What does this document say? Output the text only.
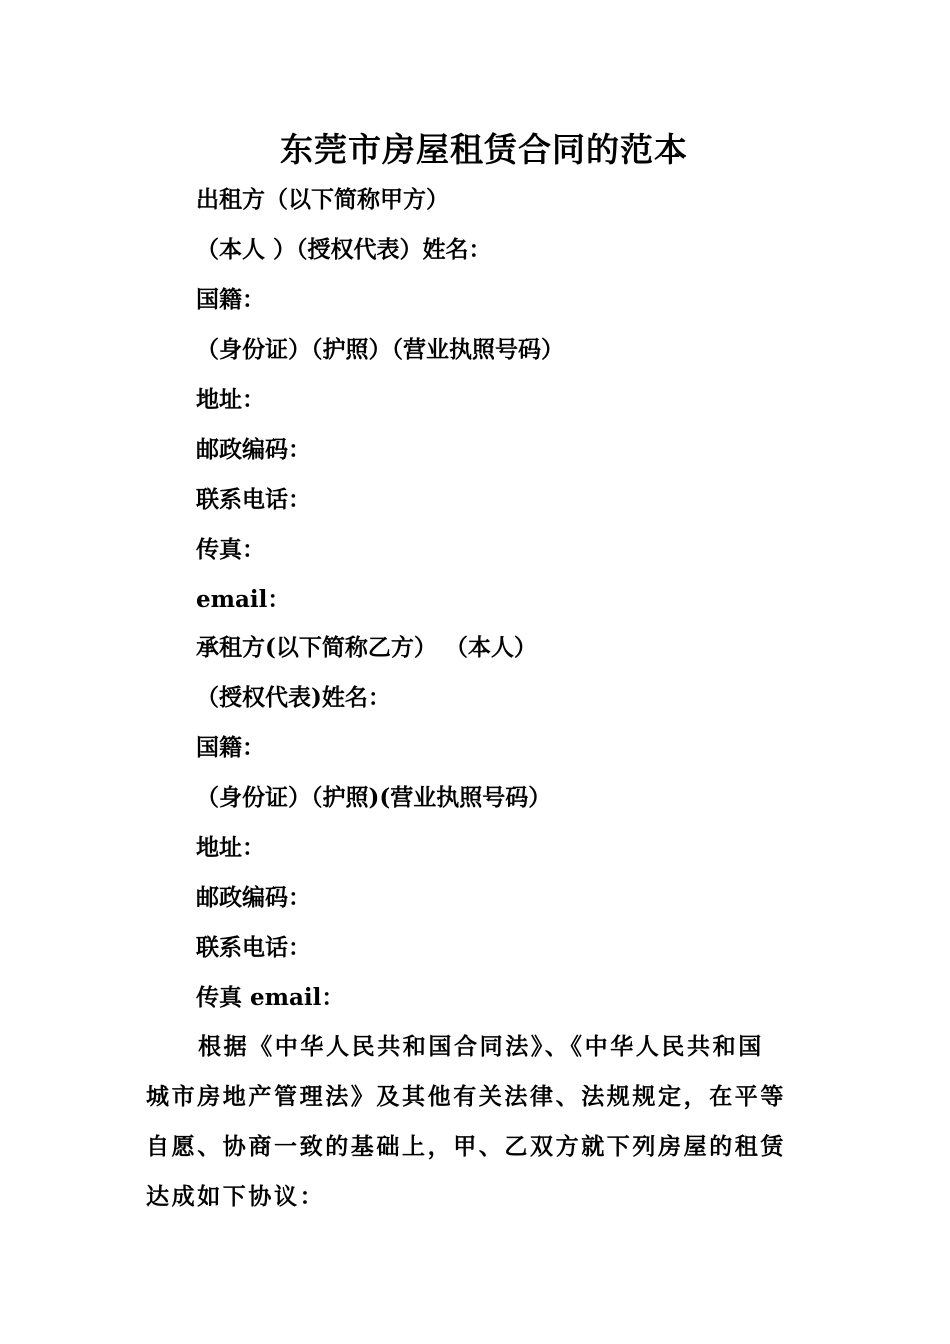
东莞市房屋租赁合同的范本

出租方（以下简称甲方）

（本人 ）（授权代表）姓名：

国籍：

（身份证）（护照）（营业执照号码）

地址：

邮政编码：

联系电话：

传真：

email：

承租方(以下简称乙方） （本人）

（授权代表)姓名：

国籍：

（身份证）（护照)(营业执照号码）

地址：

邮政编码：

联系电话：

传真 email：

根据《中华人民共和国合同法》、《中华人民共和国
城市房地产管理法》及其他有关法律、法规规定，在平等
自愿、协商一致的基础上，甲、乙双方就下列房屋的租赁
达成如下协议：
